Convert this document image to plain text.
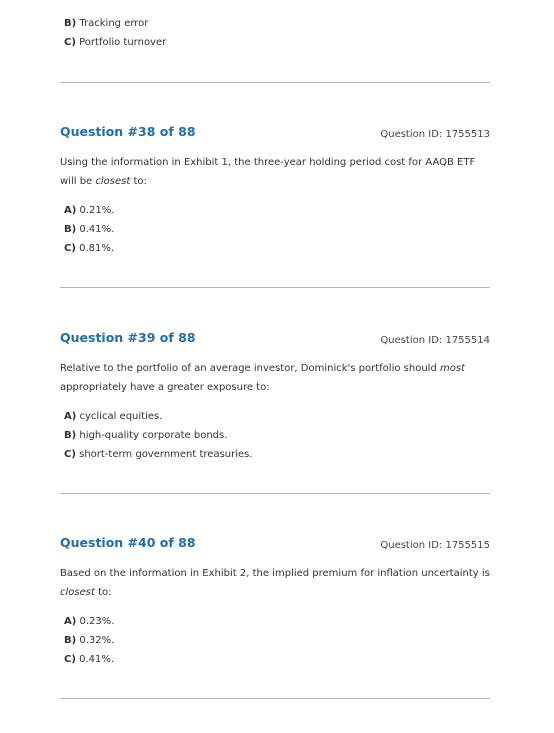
B) Tracking error
C) Portfolio turnover
Question #38 of 88	Question ID: 1755513
Using the information in Exhibit 1, the three-year holding period cost for AAQB ETF will be closest to:
A) 0.21%.
B) 0.41%.
C) 0.81%.
Question #39 of 88	Question ID: 1755514
Relative to the portfolio of an average investor, Dominick's portfolio should most appropriately have a greater exposure to:
A) cyclical equities.
B) high-quality corporate bonds.
C) short-term government treasuries.
Question #40 of 88	Question ID: 1755515
Based on the information in Exhibit 2, the implied premium for inflation uncertainty is closest to:
A) 0.23%.
B) 0.32%.
C) 0.41%.
